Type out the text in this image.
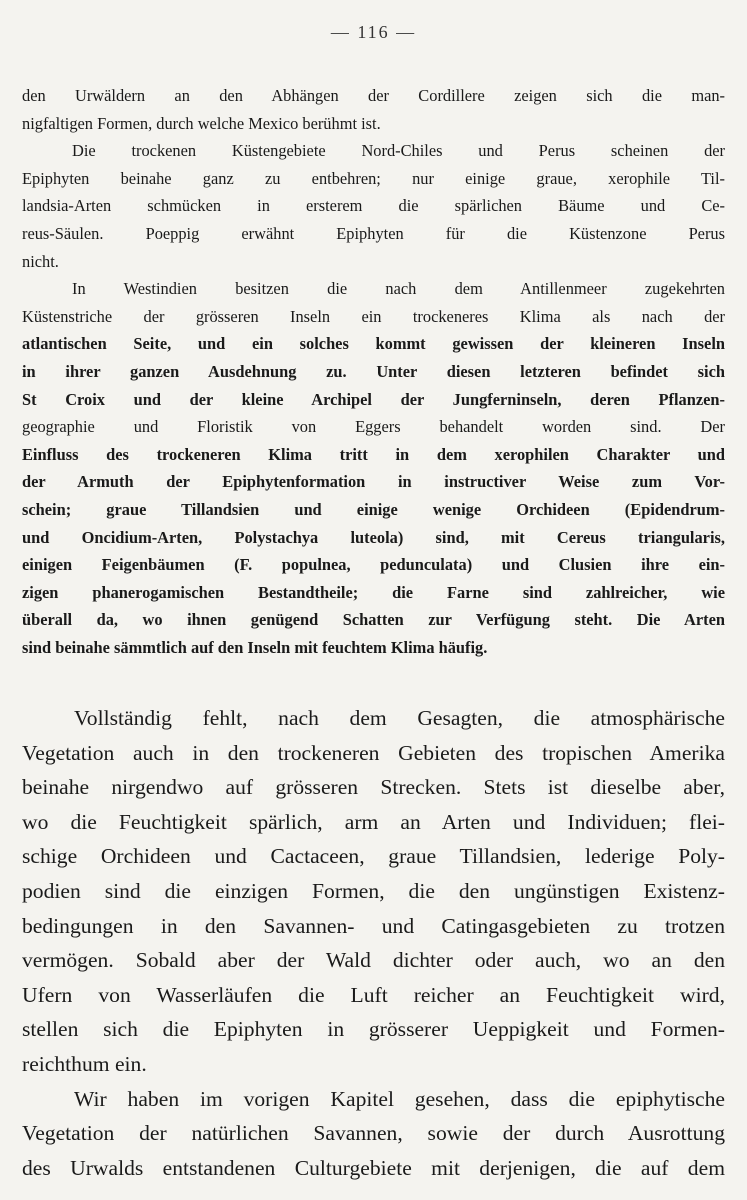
— 116 —
den Urwäldern an den Abhängen der Cordillere zeigen sich die man-
nigfaltigen Formen, durch welche Mexico berühmt ist.
Die trockenen Küstengebiete Nord-Chiles und Perus scheinen der
Epiphyten beinahe ganz zu entbehren; nur einige graue, xerophile Til-
landsia-Arten schmücken in ersterem die spärlichen Bäume und Ce-
reus-Säulen. Poeppig erwähnt Epiphyten für die Küstenzone Perus
nicht.
In Westindien besitzen die nach dem Antillenmeer zugekehrten
Küstenstriche der grösseren Inseln ein trockeneres Klima als nach der
atlantischen Seite, und ein solches kommt gewissen der kleineren Inseln
in ihrer ganzen Ausdehnung zu. Unter diesen letzteren befindet sich
St Croix und der kleine Archipel der Jungferninseln, deren Pflanzen-
geographie und Floristik von Eggers behandelt worden sind. Der
Einfluss des trockeneren Klima tritt in dem xerophilen Charakter und
der Armuth der Epiphytenformation in instructiver Weise zum Vor-
schein; graue Tillandsien und einige wenige Orchideen (Epidendrum-
und Oncidium-Arten, Polystachya luteola) sind, mit Cereus triangularis,
einigen Feigenbäumen (F. populnea, pedunculata) und Clusien ihre ein-
zigen phanerogamischen Bestandtheile; die Farne sind zahlreicher, wie
überall da, wo ihnen genügend Schatten zur Verfügung steht. Die Arten
sind beinahe sämmtlich auf den Inseln mit feuchtem Klima häufig.
Vollständig fehlt, nach dem Gesagten, die atmosphärische
Vegetation auch in den trockeneren Gebieten des tropischen Amerika
beinahe nirgendwo auf grösseren Strecken. Stets ist dieselbe aber,
wo die Feuchtigkeit spärlich, arm an Arten und Individuen; flei-
schige Orchideen und Cactaceen, graue Tillandsien, lederige Poly-
podien sind die einzigen Formen, die den ungünstigen Existenz-
bedingungen in den Savannen- und Catingasgebieten zu trotzen
vermögen. Sobald aber der Wald dichter oder auch, wo an den
Ufern von Wasserläufen die Luft reicher an Feuchtigkeit wird,
stellen sich die Epiphyten in grösserer Ueppigkeit und Formen-
reichthum ein.
Wir haben im vorigen Kapitel gesehen, dass die epiphytische
Vegetation der natürlichen Savannen, sowie der durch Ausrottung
des Urwalds entstandenen Culturgebiete mit derjenigen, die auf dem
